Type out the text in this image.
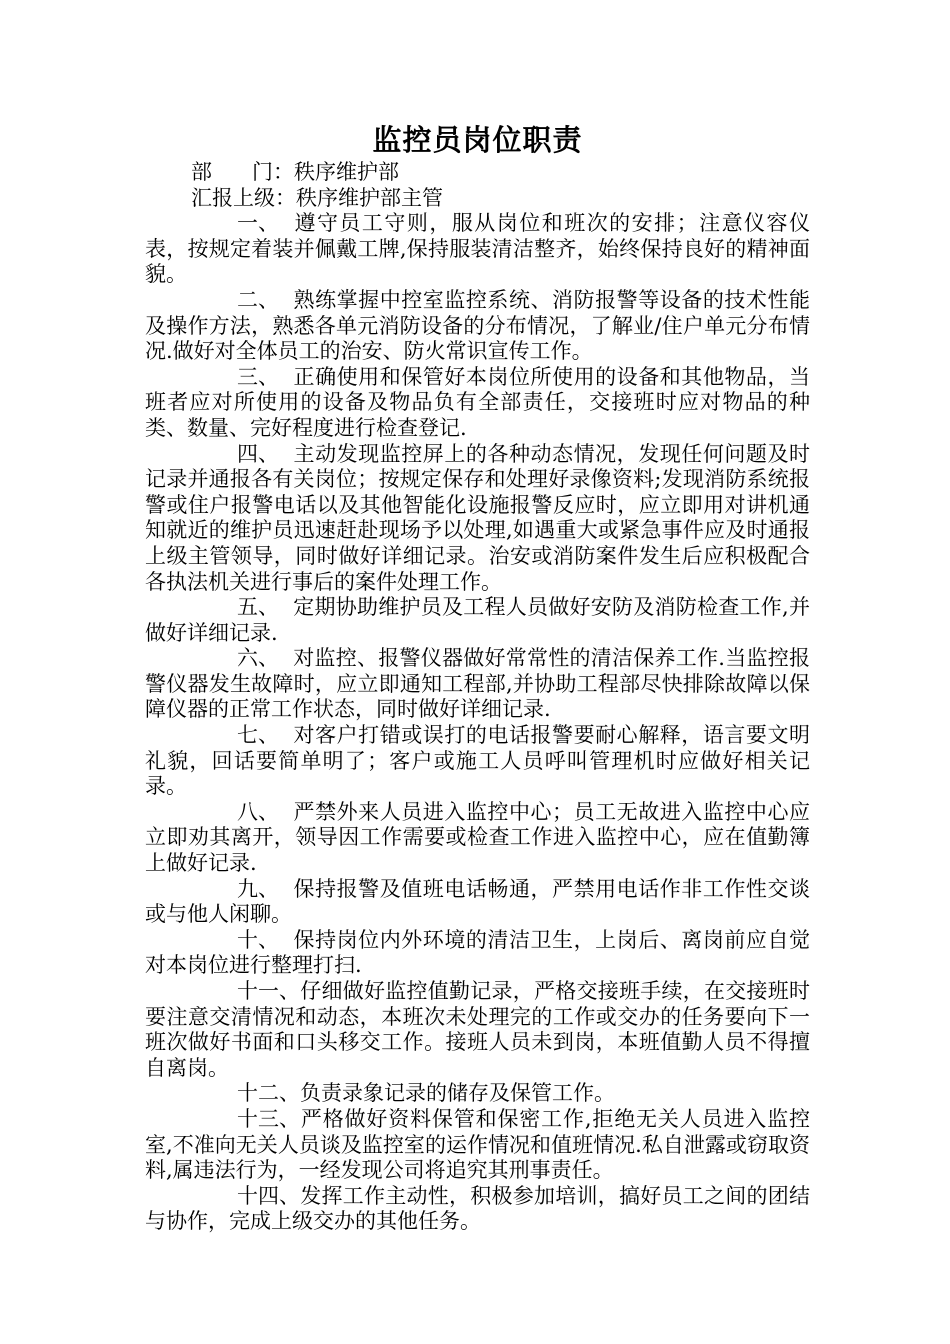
监控员岗位职责
部 门：秩序维护部
汇报上级：秩序维护部主管

一、 遵守员工守则，服从岗位和班次的安排；注意仪容仪表，按规定着装并佩戴工牌,保持服装清洁整齐，始终保持良好的精神面貌。

二、 熟练掌握中控室监控系统、消防报警等设备的技术性能及操作方法，熟悉各单元消防设备的分布情况，了解业/住户单元分布情况.做好对全体员工的治安、防火常识宣传工作。

三、 正确使用和保管好本岗位所使用的设备和其他物品，当班者应对所使用的设备及物品负有全部责任，交接班时应对物品的种类、数量、完好程度进行检查登记.

四、 主动发现监控屏上的各种动态情况，发现任何问题及时记录并通报各有关岗位；按规定保存和处理好录像资料;发现消防系统报警或住户报警电话以及其他智能化设施报警反应时，应立即用对讲机通知就近的维护员迅速赶赴现场予以处理,如遇重大或紧急事件应及时通报上级主管领导，同时做好详细记录。治安或消防案件发生后应积极配合各执法机关进行事后的案件处理工作。

五、 定期协助维护员及工程人员做好安防及消防检查工作,并做好详细记录.

六、 对监控、报警仪器做好常常性的清洁保养工作.当监控报警仪器发生故障时，应立即通知工程部,并协助工程部尽快排除故障以保障仪器的正常工作状态，同时做好详细记录.

七、 对客户打错或误打的电话报警要耐心解释，语言要文明礼貌，回话要简单明了；客户或施工人员呼叫管理机时应做好相关记录。

八、 严禁外来人员进入监控中心；员工无故进入监控中心应立即劝其离开，领导因工作需要或检查工作进入监控中心，应在值勤簿上做好记录.

九、 保持报警及值班电话畅通，严禁用电话作非工作性交谈或与他人闲聊。

十、 保持岗位内外环境的清洁卫生，上岗后、离岗前应自觉对本岗位进行整理打扫.

十一、仔细做好监控值勤记录，严格交接班手续，在交接班时要注意交清情况和动态，本班次未处理完的工作或交办的任务要向下一班次做好书面和口头移交工作。接班人员未到岗，本班值勤人员不得擅自离岗。

十二、负责录象记录的储存及保管工作。

十三、严格做好资料保管和保密工作,拒绝无关人员进入监控室,不准向无关人员谈及监控室的运作情况和值班情况.私自泄露或窃取资料,属违法行为，一经发现公司将追究其刑事责任。

十四、发挥工作主动性，积极参加培训，搞好员工之间的团结与协作，完成上级交办的其他任务。
